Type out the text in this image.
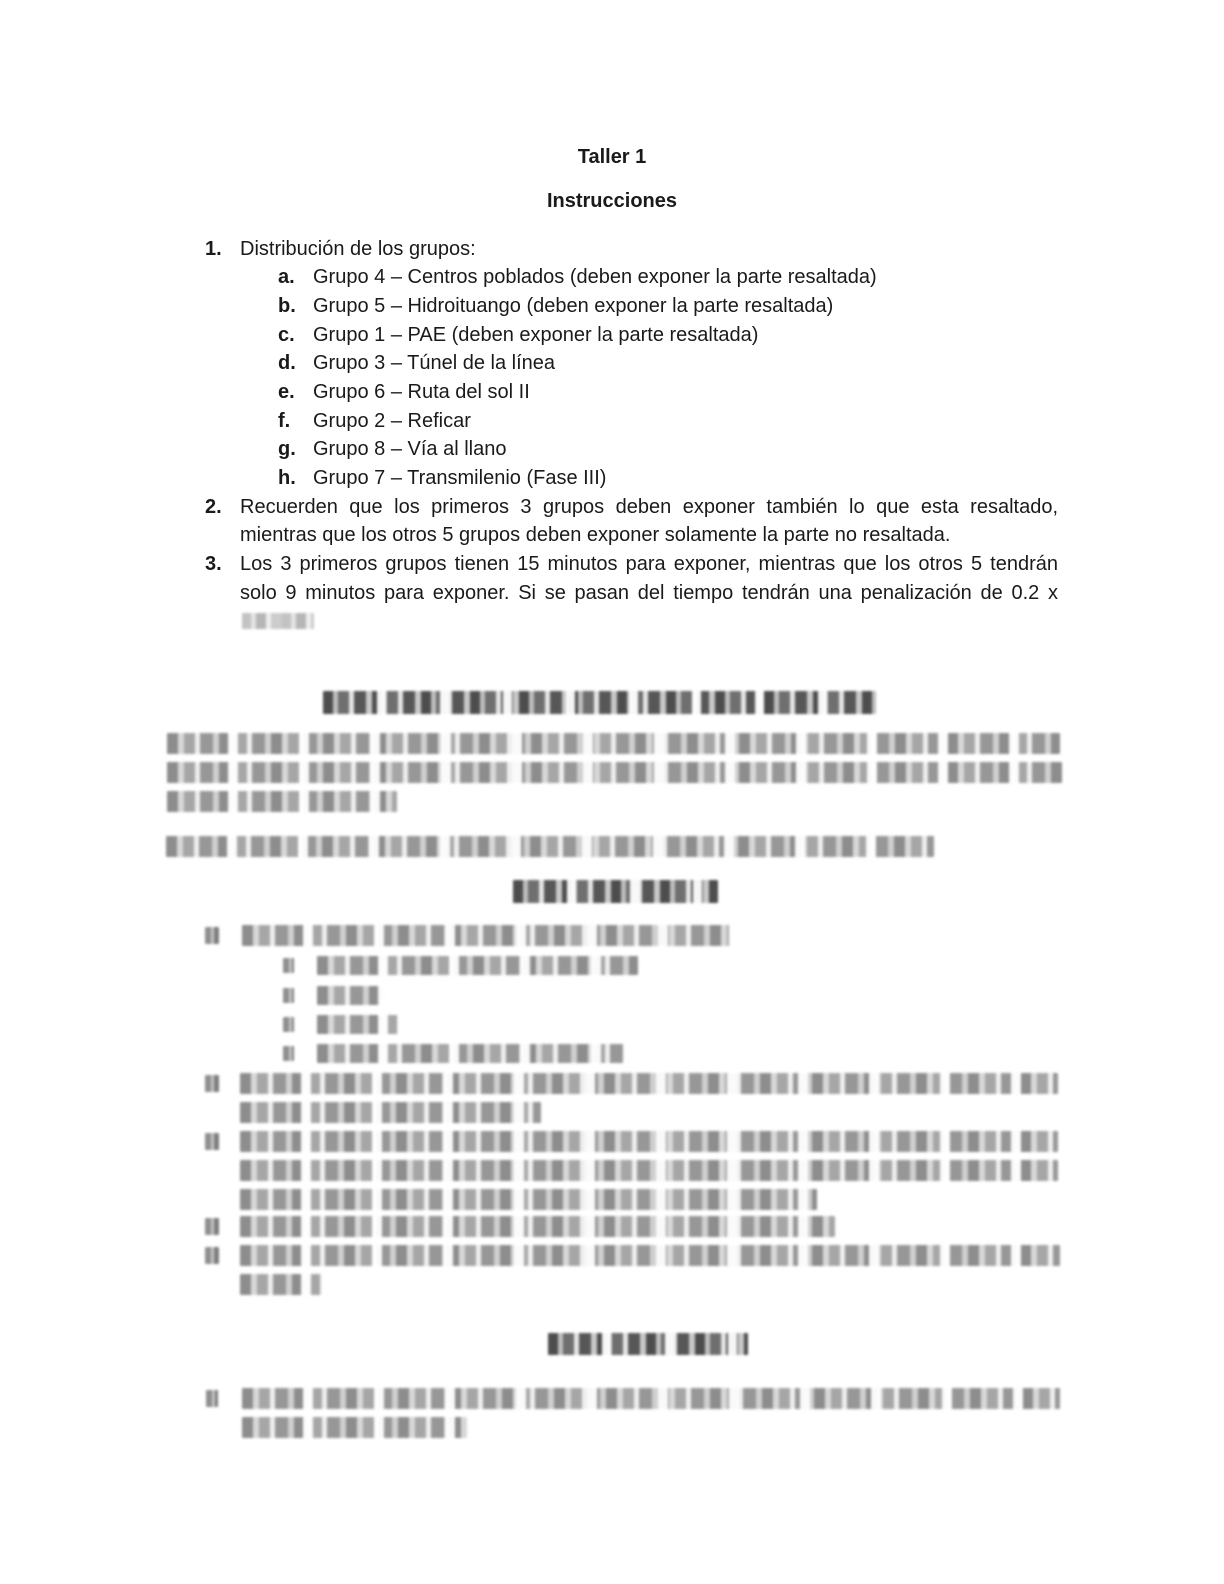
Taller 1
Instrucciones
1. Distribución de los grupos:
a. Grupo 4 – Centros poblados (deben exponer la parte resaltada)
b. Grupo 5 – Hidroituango (deben exponer la parte resaltada)
c. Grupo 1 – PAE (deben exponer la parte resaltada)
d. Grupo 3 – Túnel de la línea
e. Grupo 6 – Ruta del sol II
f. Grupo 2 – Reficar
g. Grupo 8 – Vía al llano
h. Grupo 7 – Transmilenio (Fase III)
2. Recuerden que los primeros 3 grupos deben exponer también lo que esta resaltado,
mientras que los otros 5 grupos deben exponer solamente la parte no resaltada.
3. Los 3 primeros grupos tienen 15 minutos para exponer, mientras que los otros 5 tendrán
solo 9 minutos para exponer. Si se pasan del tiempo tendrán una penalización de 0.2 x
